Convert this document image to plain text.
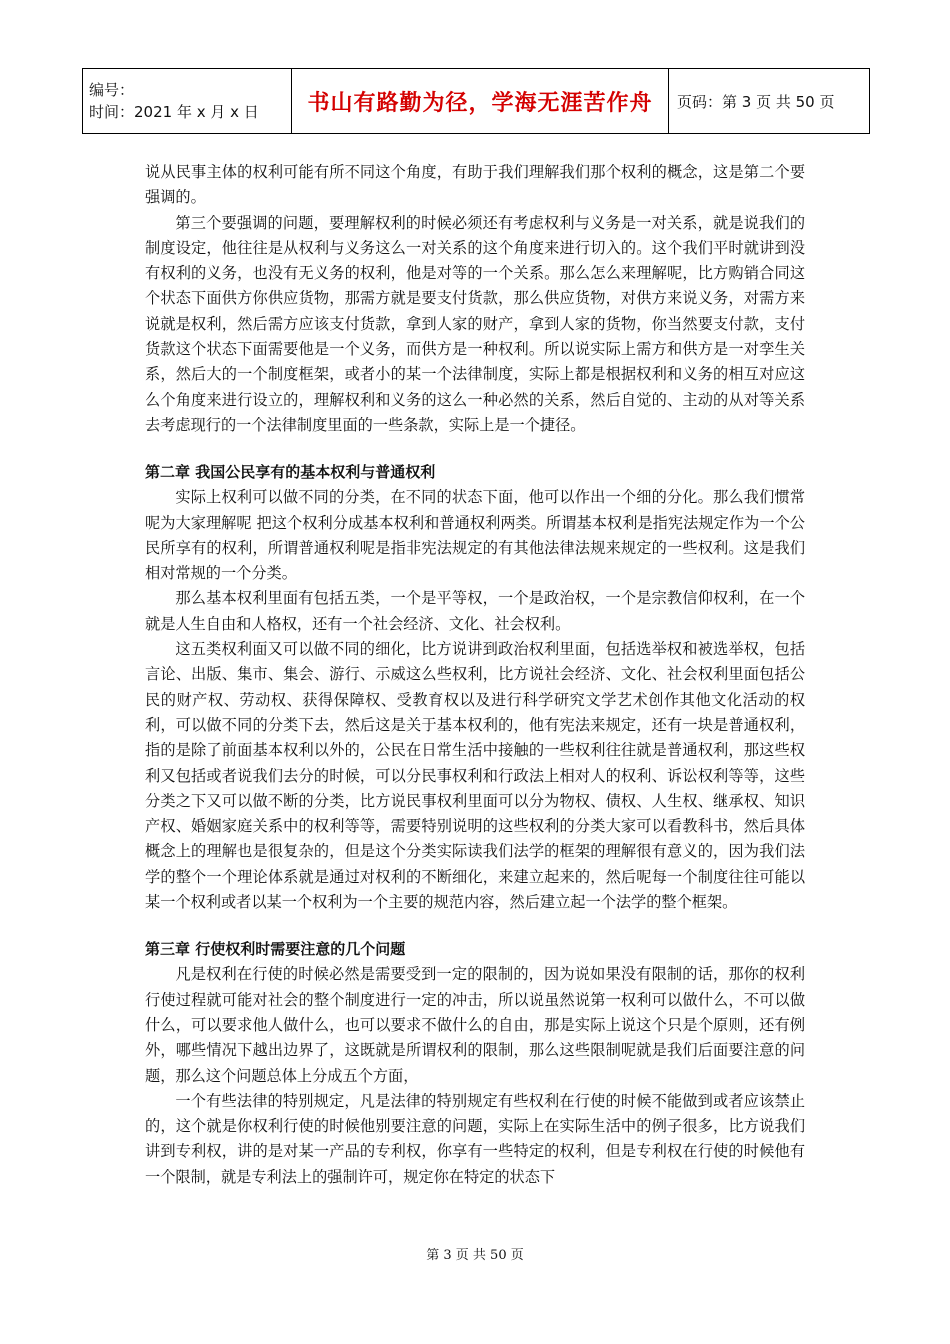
编号：
时间：2021 年 x 月 x 日	书山有路勤为径，学海无涯苦作舟	页码：第 3 页 共 50 页

说从民事主体的权利可能有所不同这个角度，有助于我们理解我们那个权利的概念，这是第二个要强调的。

第三个要强调的问题，要理解权利的时候必须还有考虑权利与义务是一对关系，就是说我们的制度设定，他往往是从权利与义务这么一对关系的这个角度来进行切入的。这个我们平时就讲到没有权利的义务，也没有无义务的权利，他是对等的一个关系。那么怎么来理解呢，比方购销合同这个状态下面供方你供应货物，那需方就是要支付货款，那么供应货物，对供方来说义务，对需方来说就是权利，然后需方应该支付货款，拿到人家的财产，拿到人家的货物，你当然要支付款，支付货款这个状态下面需要他是一个义务，而供方是一种权利。所以说实际上需方和供方是一对孪生关系，然后大的一个制度框架，或者小的某一个法律制度，实际上都是根据权利和义务的相互对应这么个角度来进行设立的，理解权利和义务的这么一种必然的关系，然后自觉的、主动的从对等关系去考虑现行的一个法律制度里面的一些条款，实际上是一个捷径。

第二章 我国公民享有的基本权利与普通权利

实际上权利可以做不同的分类，在不同的状态下面，他可以作出一个细的分化。那么我们惯常呢为大家理解呢 把这个权利分成基本权利和普通权利两类。所谓基本权利是指宪法规定作为一个公民所享有的权利，所谓普通权利呢是指非宪法规定的有其他法律法规来规定的一些权利。这是我们相对常规的一个分类。

那么基本权利里面有包括五类，一个是平等权，一个是政治权，一个是宗教信仰权利，在一个就是人生自由和人格权，还有一个社会经济、文化、社会权利。

这五类权利面又可以做不同的细化，比方说讲到政治权利里面，包括选举权和被选举权，包括言论、出版、集市、集会、游行、示威这么些权利，比方说社会经济、文化、社会权利里面包括公民的财产权、劳动权、获得保障权、受教育权以及进行科学研究文学艺术创作其他文化活动的权利，可以做不同的分类下去，然后这是关于基本权利的，他有宪法来规定，还有一块是普通权利，指的是除了前面基本权利以外的，公民在日常生活中接触的一些权利往往就是普通权利，那这些权利又包括或者说我们去分的时候，可以分民事权利和行政法上相对人的权利、诉讼权利等等，这些分类之下又可以做不断的分类，比方说民事权利里面可以分为物权、债权、人生权、继承权、知识产权、婚姻家庭关系中的权利等等，需要特别说明的这些权利的分类大家可以看教科书，然后具体概念上的理解也是很复杂的，但是这个分类实际读我们法学的框架的理解很有意义的，因为我们法学的整个一个理论体系就是通过对权利的不断细化，来建立起来的，然后呢每一个制度往往可能以某一个权利或者以某一个权利为一个主要的规范内容，然后建立起一个法学的整个框架。

第三章 行使权利时需要注意的几个问题

凡是权利在行使的时候必然是需要受到一定的限制的，因为说如果没有限制的话，那你的权利行使过程就可能对社会的整个制度进行一定的冲击，所以说虽然说第一权利可以做什么，不可以做什么，可以要求他人做什么，也可以要求不做什么的自由，那是实际上说这个只是个原则，还有例外，哪些情况下越出边界了，这既就是所谓权利的限制，那么这些限制呢就是我们后面要注意的问题，那么这个问题总体上分成五个方面，

一个有些法律的特别规定，凡是法律的特别规定有些权利在行使的时候不能做到或者应该禁止的，这个就是你权利行使的时候他别要注意的问题，实际上在实际生活中的例子很多，比方说我们讲到专利权，讲的是对某一产品的专利权，你享有一些特定的权利，但是专利权在行使的时候他有一个限制，就是专利法上的强制许可，规定你在特定的状态下

第 3 页 共 50 页
